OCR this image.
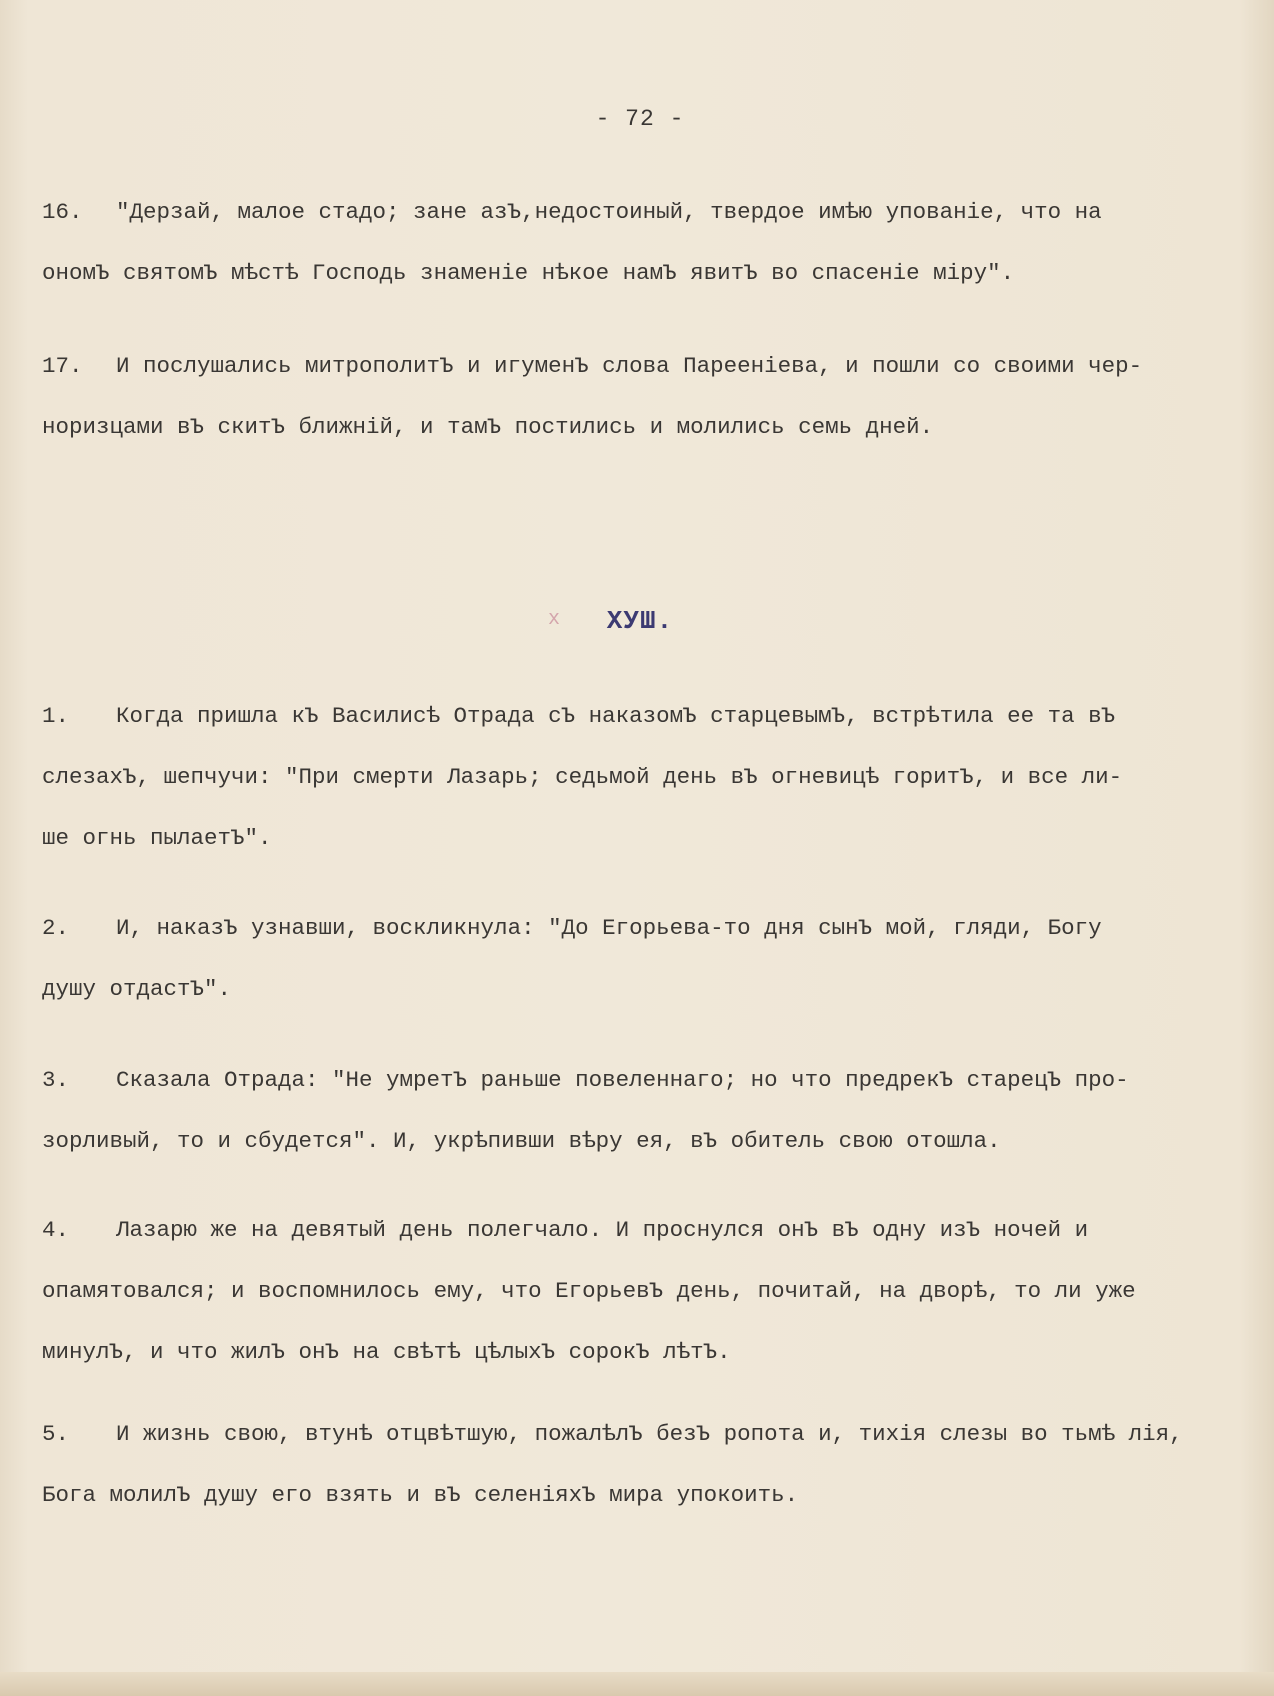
- 72 -

16. "Дерзай, малое стадо; зане азЪ,недостоиный, твердое имѣю упованіе, что на
ономЪ святомЪ мѣстѣ Господь знаменіе нѣкое намЪ явитЪ во спасеніе міру".

17. И послушались митрополитЪ и игуменЪ слова Пареенiева, и пошли со своими чер-
норизцами вЪ скитЪ ближнiй, и тамЪ постились и молились семь дней.

х ХУШ.

1. Когда пришла кЪ Василисѣ Отрада сЪ наказомЪ старцевымЪ, встрѣтила ее та вЪ
слезахЪ, шепчучи: "При смерти Лазарь; седьмой день вЪ огневицѣ горитЪ, и все ли-
ше огнь пылаетЪ".

2. И, наказЪ узнавши, воскликнула: "До Егорьева-то дня сынЪ мой, гляди, Богу
душу отдастЪ".

3. Сказала Отрада: "Не умретЪ раньше повеленнаго; но что предрекЪ старецЪ про-
зорливый, то и сбудется". И, укрѣпивши вѣру ея, вЪ обитель свою отошла.

4. Лазарю же на девятый день полегчало. И проснулся онЪ вЪ одну изЪ ночей и
опамятовался; и воспомнилось ему, что ЕгорьевЪ день, почитай, на дворѣ, то ли уже
минулЪ, и что жилЪ онЪ на свѣтѣ цѣлыхЪ сорокЪ лѣтЪ.

5. И жизнь свою, втунѣ отцвѣтшую, пожалѣлЪ безЪ ропота и, тихiя слезы во тьмѣ лiя,
Бога молилЪ душу его взять и вЪ селенiяхЪ мира упокоить.
